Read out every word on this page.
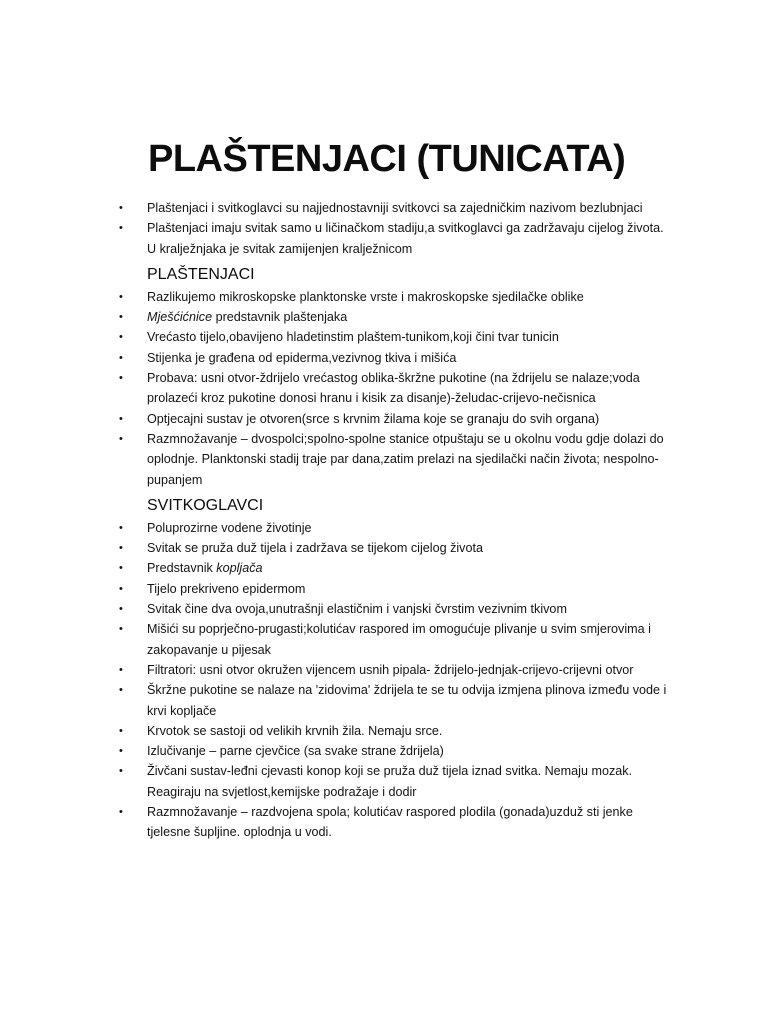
PLAŠTENJACI (TUNICATA)
• Plaštenjaci i svitkoglavci su najjednostavniji svitkovci sa zajedničkim nazivom bezlubnjaci
• Plaštenjaci imaju svitak samo u ličinačkom stadiju,a svitkoglavci ga zadržavaju cijelog života. U kralježnjaka je svitak zamijenjen kralježnicom
PLAŠTENJACI
• Razlikujemo mikroskopske planktonske vrste i makroskopske sjedilačke oblike
• Mješćićnice predstavnik plaštenjaka
• Vrećasto tijelo,obavijeno hladetinstim plaštem-tunikom,koji čini tvar tunicin
• Stijenka je građena od epiderma,vezivnog tkiva i mišića
• Probava: usni otvor-ždrijelo vrećastog oblika-škržne pukotine (na ždrijelu se nalaze;voda prolazeći kroz pukotine donosi hranu i kisik za disanje)-želudac-crijevo-nečisnica
• Optjecajni sustav je otvoren(srce s krvnim žilama koje se granaju do svih organa)
• Razmnožavanje – dvospolci;spolno-spolne stanice otpuštaju se u okolnu vodu gdje dolazi do oplodnje. Planktonski stadij traje par dana,zatim prelazi na sjedilački način života; nespolno-pupanjem
SVITKOGLAVCI
• Poluprozirne vodene životinje
• Svitak se pruža duž tijela i zadržava se tijekom cijelog života
• Predstavnik kopljača
• Tijelo prekriveno epidermom
• Svitak čine dva ovoja,unutrašnji elastičnim i vanjski čvrstim vezivnim tkivom
• Mišići su poprječno-prugasti;kolutićav raspored im omogućuje plivanje u svim smjerovima i zakopavanje u pijesak
• Filtratori: usni otvor okružen vijencem usnih pipala- ždrijelo-jednjak-crijevo-crijevni otvor
• Škržne pukotine se nalaze na 'zidovima' ždrijela te se tu odvija izmjena plinova između vode i krvi kopljače
• Krvotok se sastoji od velikih krvnih žila. Nemaju srce.
• Izlučivanje – parne cjevčice (sa svake strane ždrijela)
• Živčani sustav-leđni cjevasti konop koji se pruža duž tijela iznad svitka. Nemaju mozak. Reagiraju na svjetlost,kemijske podražaje i dodir
• Razmnožavanje – razdvojena spola; kolutićav raspored plodila (gonada)uzduž sti jenke tjelesne šupljine. oplodnja u vodi.
